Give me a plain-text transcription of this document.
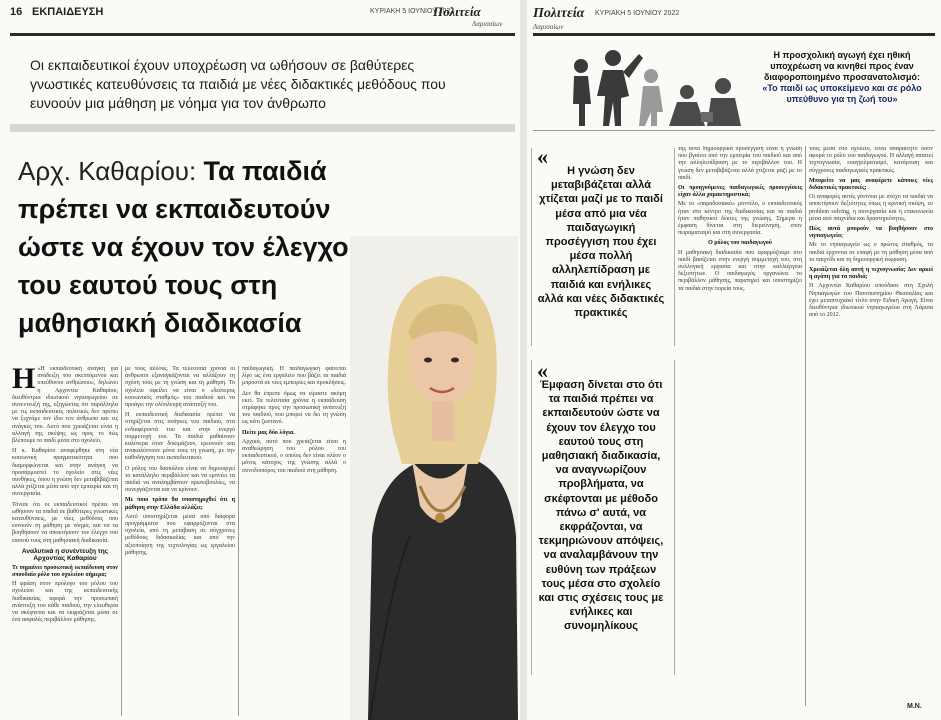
16 ΕΚΠΑΙΔΕΥΣΗ	ΚΥΡΙΑΚΗ 5 ΙΟΥΝΙΟΥ 2022
Πολιτεία
Λαρισαίων
Οι εκπαιδευτικοί έχουν υποχρέωση να ωθήσουν σε βαθύτερες γνωστικές κατευθύνσεις τα παιδιά με νέες διδακτικές μεθόδους που ευνοούν μια μάθηση με νόημα για τον άνθρωπο
Αρχ. Καθαρίου: Τα παιδιά πρέπει να εκπαιδευτούν ώστε να έχουν τον έλεγχο του εαυτού τους στη μαθησιακή διαδικασία
Η «Η εκπαιδευτική ανάγκη για ανάδειξη του σκεπτόμενου και υπεύθυνου ανθρώπου», δηλώνει η Αρχοντία Καθαρίου, διευθύντρια ιδιωτικού νηπιαγωγείου σε συνεντευξή της, εξηγώντας ότι παράλληλα με τις εκπαιδευτικές πολιτικές δεν πρέπει να ξεχνάμε τον ίδιο τον άνθρωπο και τις ανάγκες του. Αυτό που χρειάζεται είναι η αλλαγή της σκέψης ως προς το πώς βλέπουμε το παιδί μέσα στο σχολείο.

Η κ. Καθαρίου αναφέρθηκε στη νέα κοινωνική πραγματικότητα που διαμορφώνεται και στην ανάγκη να προσαρμοστεί το σχολείο στις νέες συνθήκες, όπου η γνώση δεν μεταβιβάζεται αλλά χτίζεται μέσα από την εμπειρία και τη συνεργασία.

Τόνισε ότι οι εκπαιδευτικοί πρέπει να ωθήσουν τα παιδιά σε βαθύτερες γνωστικές κατευθύνσεις, με νέες μεθόδους που ευνοούν τη μάθηση με νόημα, και να τα βοηθήσουν να αποκτήσουν τον έλεγχο του εαυτού τους στη μαθησιακή διαδικασία.

Αναλυτικά η συνέντευξη της Αρχοντίας Καθαρίου
Τι σημαίνει προσωπική εκπαίδευση στον σπουδαίο ρόλο του σχολείου σήμερα;

Η φράση στον πρόλογο του ρόλου του σχολείου και της εκπαιδευτικής διαδικασίας αφορά την προσωπική ανάπτυξη του κάθε παιδιού, την ελευθερία να σκέφτεται και να εκφράζεται μέσα σε ένα ασφαλές περιβάλλον μάθησης.

με τους άλλους. Τα τελευταία χρόνια οι άνθρωποι εξαναγκάζονται να αλλάξουν τη σχέση τους με τη γνώση και τη μάθηση. Το σχολείο οφείλει να είναι ο «δεύτερος κοινωνικός σταθμός» του παιδιού και να προάγει την ολόπλευρη ανάπτυξή του.

Η εκπαιδευτική διαδικασία πρέπει να στηρίζεται στις ανάγκες του παιδιού, στα ενδιαφέροντά του και στην ενεργό συμμετοχή του. Τα παιδιά μαθαίνουν καλύτερα όταν δοκιμάζουν, ερευνούν και ανακαλύπτουν μόνα τους τη γνώση, με την καθοδήγηση του εκπαιδευτικού.

Ο ρόλος του δασκάλου είναι να δημιουργεί το κατάλληλο περιβάλλον και να εμπνέει τα παιδιά να αναλαμβάνουν πρωτοβουλίες, να συνεργάζονται και να κρίνουν.

Με ποιο τρόπο θα υποστηριχθεί ότι η μάθηση στην Ελλάδα αλλάζει;

Αυτό υποστηρίζεται μέσα από διάφορα προγράμματα που εφαρμόζονται στα σχολεία, από τη μετάβαση σε σύγχρονες μεθόδους διδασκαλίας και από την αξιοποίηση της τεχνολογίας ως εργαλείου μάθησης.

παιδαγωγική. Η παιδαγωγική φαίνεται λίγο ως ένα εργαλείο που βάζει τα παιδιά μπροστά σε νέες εμπειρίες και προκλήσεις.

Δεν θα έπρεπε όμως να είμαστε ακόμη εκεί. Τα τελευταία χρόνια η εκπαίδευση στράφηκε προς την προσωπική ανάπτυξη του παιδιού, που μπορεί να δει τη γνώση ως κάτι ζωντανό.

Πείτε μας δύο λόγια.

Αρχικά, αυτό που χρειάζεται είναι η αναθεώρηση του ρόλου του εκπαιδευτικού, ο οποίος δεν είναι πλέον ο μόνος κάτοχος της γνώσης αλλά ο συνοδοιπόρος του παιδιού στη μάθηση.

Πολιτεία ΚΥΡΙΑΚΗ 5 ΙΟΥΝΙΟΥ 2022
Λαρισαίων
Η προσχολική αγωγή έχει ηθική υποχρέωση να κινηθεί προς έναν διαφοροποιημένο προσανατολισμό:
«Το παιδί ως υποκείμενο και σε ρόλο υπεύθυνο για τη ζωή του»
«
Η γνώση δεν μεταβιβάζεται αλλά χτίζεται μαζί με το παιδί μέσα από μια νέα παιδαγωγική προσέγγιση που έχει μέσα πολλή αλληλεπίδραση με παιδιά και ενήλικες αλλά και νέες διδακτικές πρακτικές
«
Έμφαση δίνεται στο ότι τα παιδιά πρέπει να εκπαιδευτούν ώστε να έχουν τον έλεγχο του εαυτού τους στη μαθησιακή διαδικασία, να αναγνωρίζουν προβλήματα, να σκέφτονται με μέθοδο πάνω σ' αυτά, να εκφράζονται, να τεκμηριώνουν απόψεις, να αναλαμβάνουν την ευθύνη των πράξεων τους μέσα στο σχολείο και στις σχέσεις τους με ενήλικες και συνομηλίκους

της αυτό δημιουργικά προσέγγιση είναι η γνώση που βγαίνει από την εμπειρία του παιδιού και από την αλληλεπίδραση με το περιβάλλον του. Η γνώση δεν μεταβιβάζεται αλλά χτίζεται μαζί με το παιδί.

Οι προηγούμενες παιδαγωγικές προσεγγίσεις είχαν άλλα χαρακτηριστικά;

Με το «παραδοσιακό» μοντέλο, ο εκπαιδευτικός ήταν στο κέντρο της διαδικασίας και τα παιδιά ήταν παθητικοί δέκτες της γνώσης. Σήμερα η έμφαση δίνεται στη διερεύνηση, στον πειραματισμό και στη συνεργασία.

Ο ρόλος του παιδαγωγού

Η μαθησιακή διαδικασία που εφαρμόζουμε στο παιδί βασίζεται στην ενεργή συμμετοχή του, στη συλλογική εργασία και στην καλλιέργεια δεξιοτήτων. Ο παιδαγωγός οργανώνει το περιβάλλον μάθησης, παρατηρεί και υποστηρίζει τα παιδιά στην πορεία τους.

τους μέσα στο σχολείο, είναι απαραίτητο όσον αφορά το ρόλο του παιδαγωγού. Η αλλαγή απαιτεί τεχνογνωσία, επαγγελματισμό, κατάρτιση και σύγχρονες παιδαγωγικές πρακτικές.

Μπορείτε να μας αναφέρετε κάποιες νέες διδακτικές πρακτικές;

Οι αναφορές αυτές γίνονται με στόχο τα παιδιά να αποκτήσουν δεξιότητες όπως η κριτική σκέψη, το problem solving, η συνεργασία και η επικοινωνία μέσα από παιχνίδια και δραστηριότητες.

Πώς αυτά μπορούν να βοηθήσουν στο νηπιαγωγείο;

Με το νηπιαγωγείο ως ο πρώτος σταθμός, τα παιδιά έρχονται σε επαφή με τη μάθηση μέσα από το παιχνίδι και τη δημιουργική έκφραση.

Χρειάζεται όλη αυτή η τεχνογνωσία; Δεν αρκεί η αγάπη για τα παιδιά;

Η Αρχοντία Καθαρίου σπούδασε στη Σχολή Νηπιαγωγών του Πανεπιστημίου Θεσσαλίας και έχει μεταπτυχιακό τίτλο στην Ειδική Αγωγή. Είναι διευθύντρια ιδιωτικού νηπιαγωγείου στη Λάρισα από το 2012.

Μ.Ν.
